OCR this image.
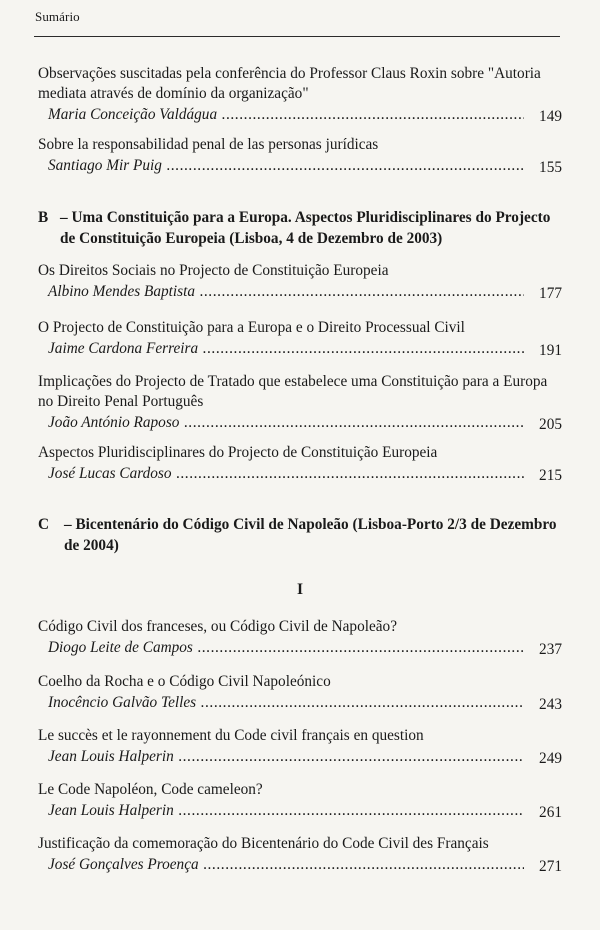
Sumário
Observações suscitadas pela conferência do Professor Claus Roxin sobre "Autoria mediata através de domínio da organização"
Maria Conceição Valdágua .....	149
Sobre la responsabilidad penal de las personas jurídicas
Santiago Mir Puig .....	155
B – Uma Constituição para a Europa. Aspectos Pluridisciplinares do Projecto de Constituição Europeia (Lisboa, 4 de Dezembro de 2003)
Os Direitos Sociais no Projecto de Constituição Europeia
Albino Mendes Baptista .....	177
O Projecto de Constituição para a Europa e o Direito Processual Civil
Jaime Cardona Ferreira .....	191
Implicações do Projecto de Tratado que estabelece uma Constituição para a Europa no Direito Penal Português
João António Raposo .....	205
Aspectos Pluridisciplinares do Projecto de Constituição Europeia
José Lucas Cardoso .....	215
C – Bicentenário do Código Civil de Napoleão (Lisboa-Porto 2/3 de Dezembro de 2004)
I
Código Civil dos franceses, ou Código Civil de Napoleão?
Diogo Leite de Campos .....	237
Coelho da Rocha e o Código Civil Napoleónico
Inocêncio Galvão Telles .....	243
Le succès et le rayonnement du Code civil français en question
Jean Louis Halperin .....	249
Le Code Napoléon, Code cameleon?
Jean Louis Halperin .....	261
Justificação da comemoração do Bicentenário do Code Civil des Français
José Gonçalves Proença .....	271
